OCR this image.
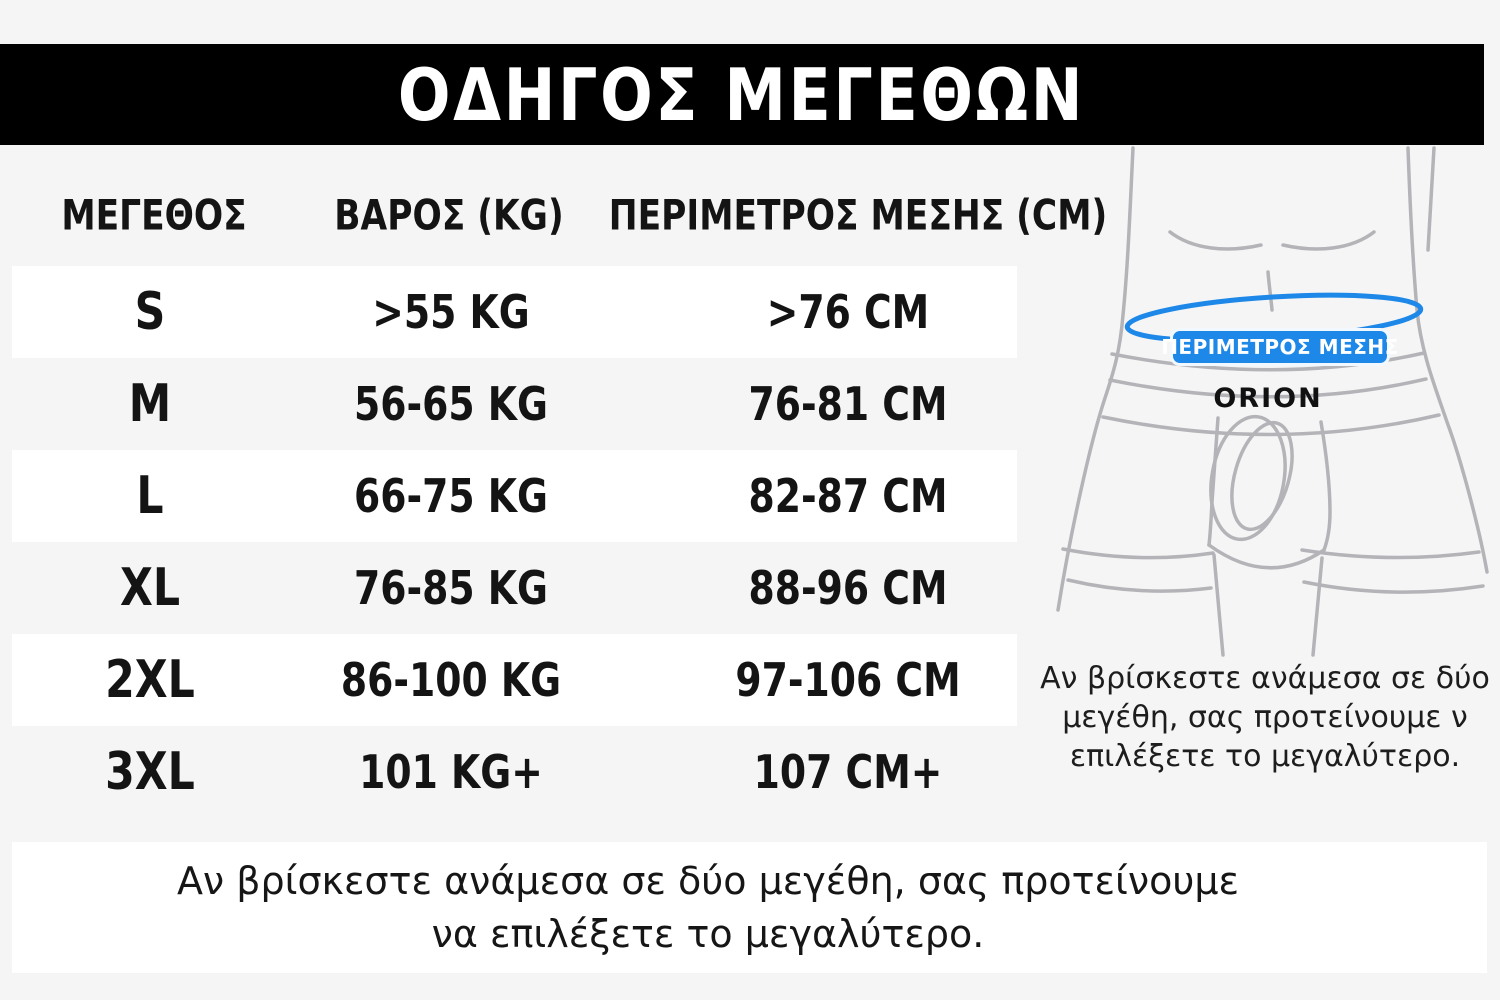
ΟΔΗΓΟΣ ΜΕΓΕΘΩΝ
ΜΕΓΕΘΟΣ ΒΑΡΟΣ (KG) ΠΕΡΙΜΕΤΡΟΣ ΜΕΣΗΣ (CM)
S	>55 KG	>76 CM
M	56-65 KG	76-81 CM
L	66-75 KG	82-87 CM
XL	76-85 KG	88-96 CM
2XL	86-100 KG	97-106 CM
3XL	101 KG+	107 CM+
ΠΕΡΙΜΕΤΡΟΣ ΜΕΣΗΣ
ORION
Αν βρίσκεστε ανάμεσα σε δύο
μεγέθη, σας προτείνουμε ν
επιλέξετε το μεγαλύτερο.
Αν βρίσκεστε ανάμεσα σε δύο μεγέθη, σας προτείνουμε
να επιλέξετε το μεγαλύτερο.
